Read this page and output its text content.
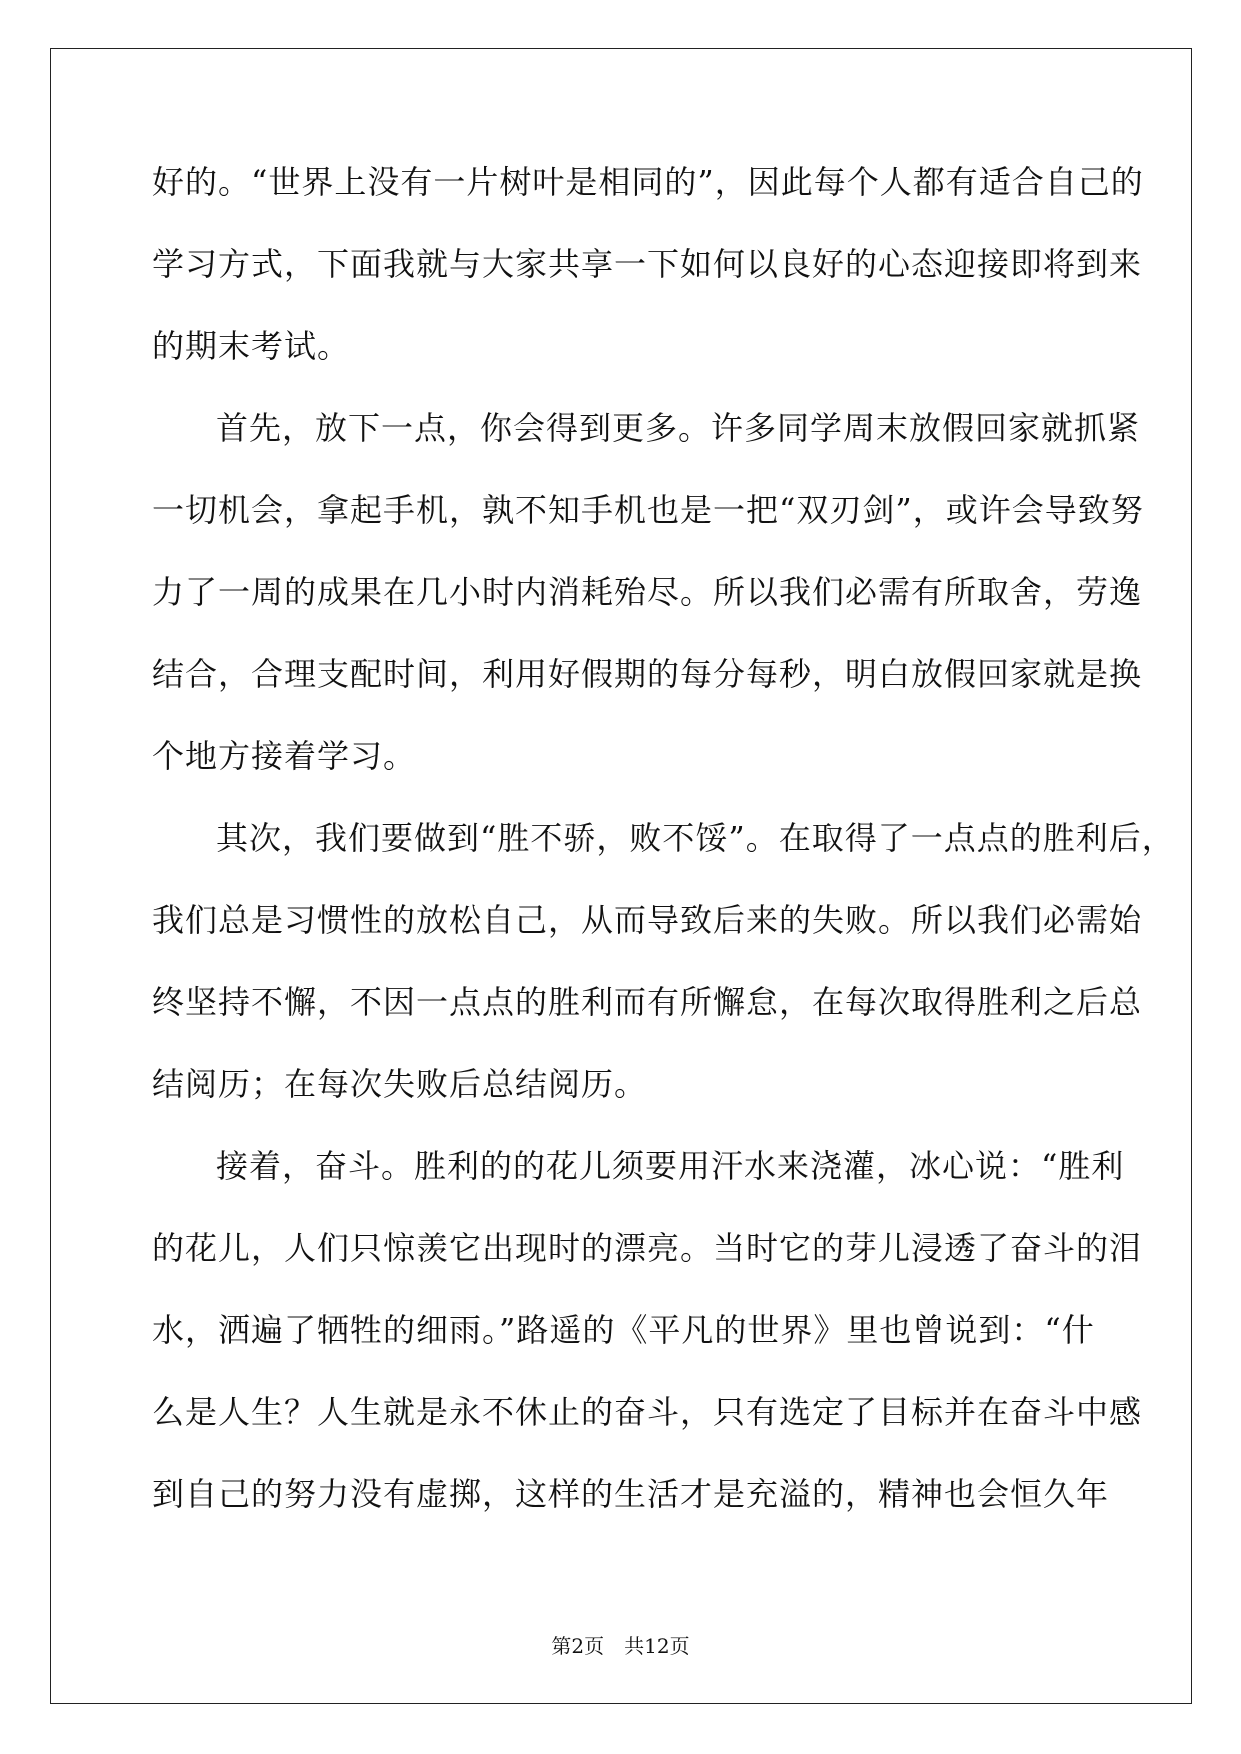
好的。“世界上没有一片树叶是相同的”，因此每个人都有适合自己的
学习方式，下面我就与大家共享一下如何以良好的心态迎接即将到来
的期末考试。
首先，放下一点，你会得到更多。许多同学周末放假回家就抓紧
一切机会，拿起手机，孰不知手机也是一把“双刃剑”，或许会导致努
力了一周的成果在几小时内消耗殆尽。所以我们必需有所取舍，劳逸
结合，合理支配时间，利用好假期的每分每秒，明白放假回家就是换
个地方接着学习。
其次，我们要做到“胜不骄，败不馁”。在取得了一点点的胜利后，
我们总是习惯性的放松自己，从而导致后来的失败。所以我们必需始
终坚持不懈，不因一点点的胜利而有所懈怠，在每次取得胜利之后总
结阅历；在每次失败后总结阅历。
接着，奋斗。胜利的的花儿须要用汗水来浇灌，冰心说：“胜利
的花儿，人们只惊羡它出现时的漂亮。当时它的芽儿浸透了奋斗的泪
水，洒遍了牺牲的细雨。”路遥的《平凡的世界》里也曾说到：“什
么是人生？人生就是永不休止的奋斗，只有选定了目标并在奋斗中感
到自己的努力没有虚掷，这样的生活才是充溢的，精神也会恒久年
第2页　共12页
